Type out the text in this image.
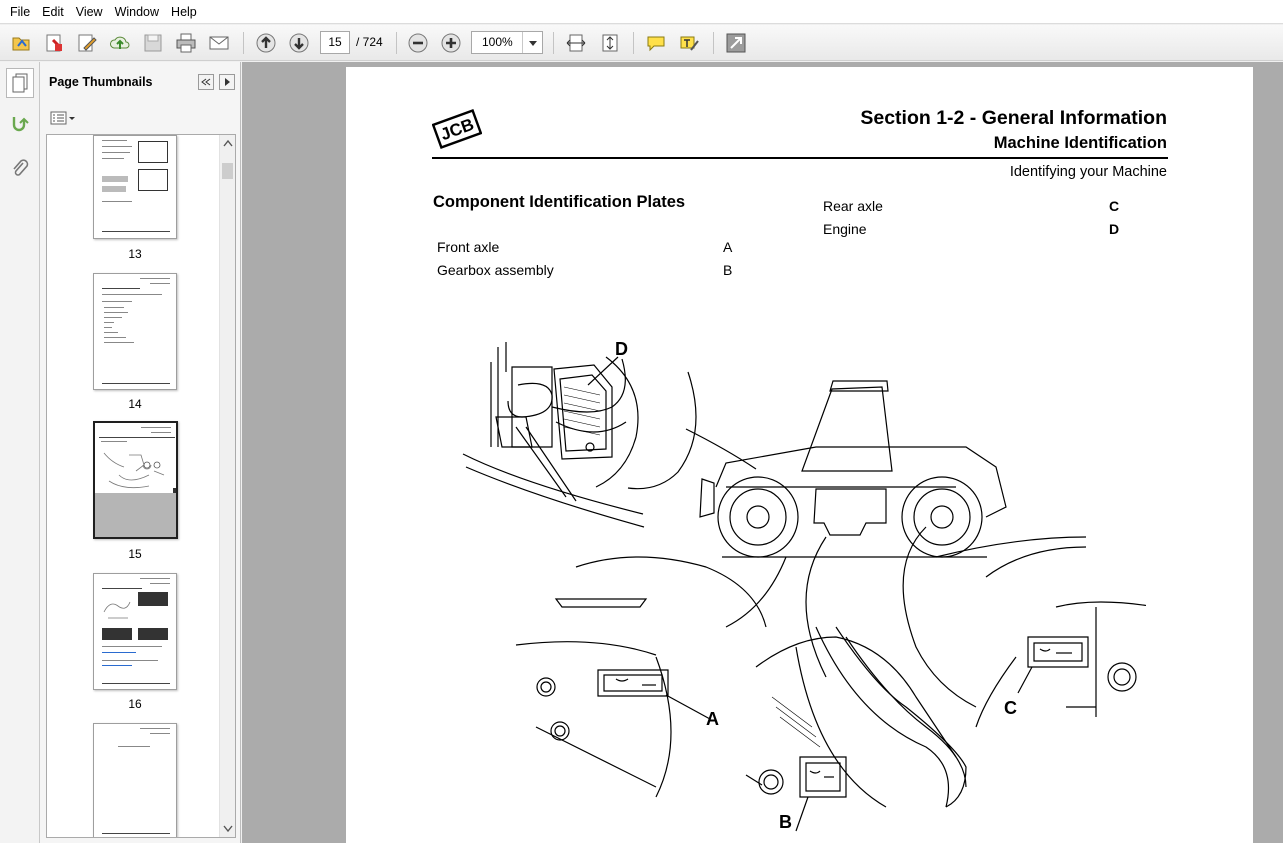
File Edit View Window Help
15	/ 724	100%
Page Thumbnails
13
14
15
16
JCB	Section 1-2 - General Information
Machine Identification
Identifying your Machine
Component Identification Plates
Front axle	A
Gearbox assembly	B
Rear axle	C
Engine	D
D
A
B
C
